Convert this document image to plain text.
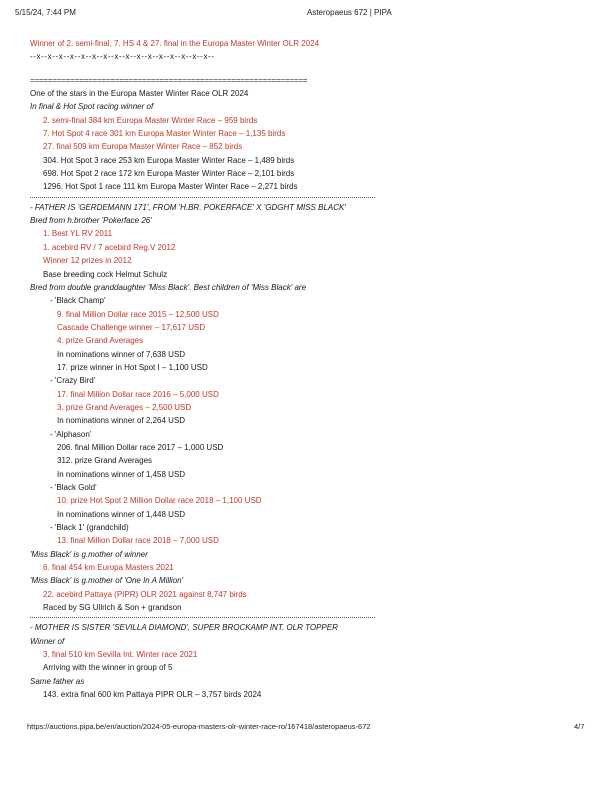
5/15/24, 7:44 PM	Asteropaeus 672 | PIPA
Winner of 2. semi-final, 7. HS 4 & 27. final in the Europa Master Winter OLR 2024
--x--x--x--x--x--x--x--x--x--x--x--x--x--x--x--x--
==============================================================
One of the stars in the Europa Master Winter Race OLR 2024
In final & Hot Spot racing winner of
2. semi-final 384 km Europa Master Winter Race – 959 birds
7. Hot Spot 4 race 301 km Europa Master Winter Race – 1,135 birds
27. final 509 km Europa Master Winter Race – 852 birds
304. Hot Spot 3 race 253 km Europa Master Winter Race – 1,489 birds
698. Hot Spot 2 race 172 km Europa Master Winter Race – 2,101 birds
1296. Hot Spot 1 race 111 km Europa Master Winter Race – 2,271 birds
- FATHER IS 'GERDEMANN 171', FROM 'H.BR. POKERFACE' X 'GDGHT MISS BLACK'
Bred from h.brother 'Pokerface 26'
1. Best YL RV 2011
1. acebird RV / 7 acebird Reg.V 2012
Winner 12 prizes in 2012
Base breeding cock Helmut Schulz
Bred from double granddaughter 'Miss Black'. Best children of 'Miss Black' are
- 'Black Champ'
9. final Million Dollar race 2015 – 12,500 USD
Cascade Challenge winner – 17,617 USD
4. prize Grand Averages
In nominations winner of 7,638 USD
17. prize winner in Hot Spot I – 1,100 USD
- 'Crazy Bird'
17. final Million Dollar race 2016 – 5,000 USD
3. prize Grand Averages – 2,500 USD
In nominations winner of 2,264 USD
- 'Alphason'
206. final Million Dollar race 2017 – 1,000 USD
312. prize Grand Averages
In nominations winner of 1,458 USD
- 'Black Gold'
10. prize Hot Spot 2 Million Dollar race 2018 – 1,100 USD
In nominations winner of 1,448 USD
- 'Black 1' (grandchild)
13. final Million Dollar race 2018 – 7,000 USD
'Miss Black' is g.mother of winner
6. final 454 km Europa Masters 2021
'Miss Black' is g.mother of 'One In A Million'
22. acebird Pattaya (PIPR) OLR 2021 against 8,747 birds
Raced by SG Ullrich & Son + grandson
- MOTHER IS SISTER 'SEVILLA DIAMOND', SUPER BROCKAMP INT. OLR TOPPER
Winner of
3. final 510 km Sevilla Int. Winter race 2021
Arriving with the winner in group of 5
Same father as
143. extra final 600 km Pattaya PIPR OLR – 3,757 birds 2024
https://auctions.pipa.be/en/auction/2024-05-europa-masters-olr-winter-race-ro/167418/asteropaeus-672	4/7
